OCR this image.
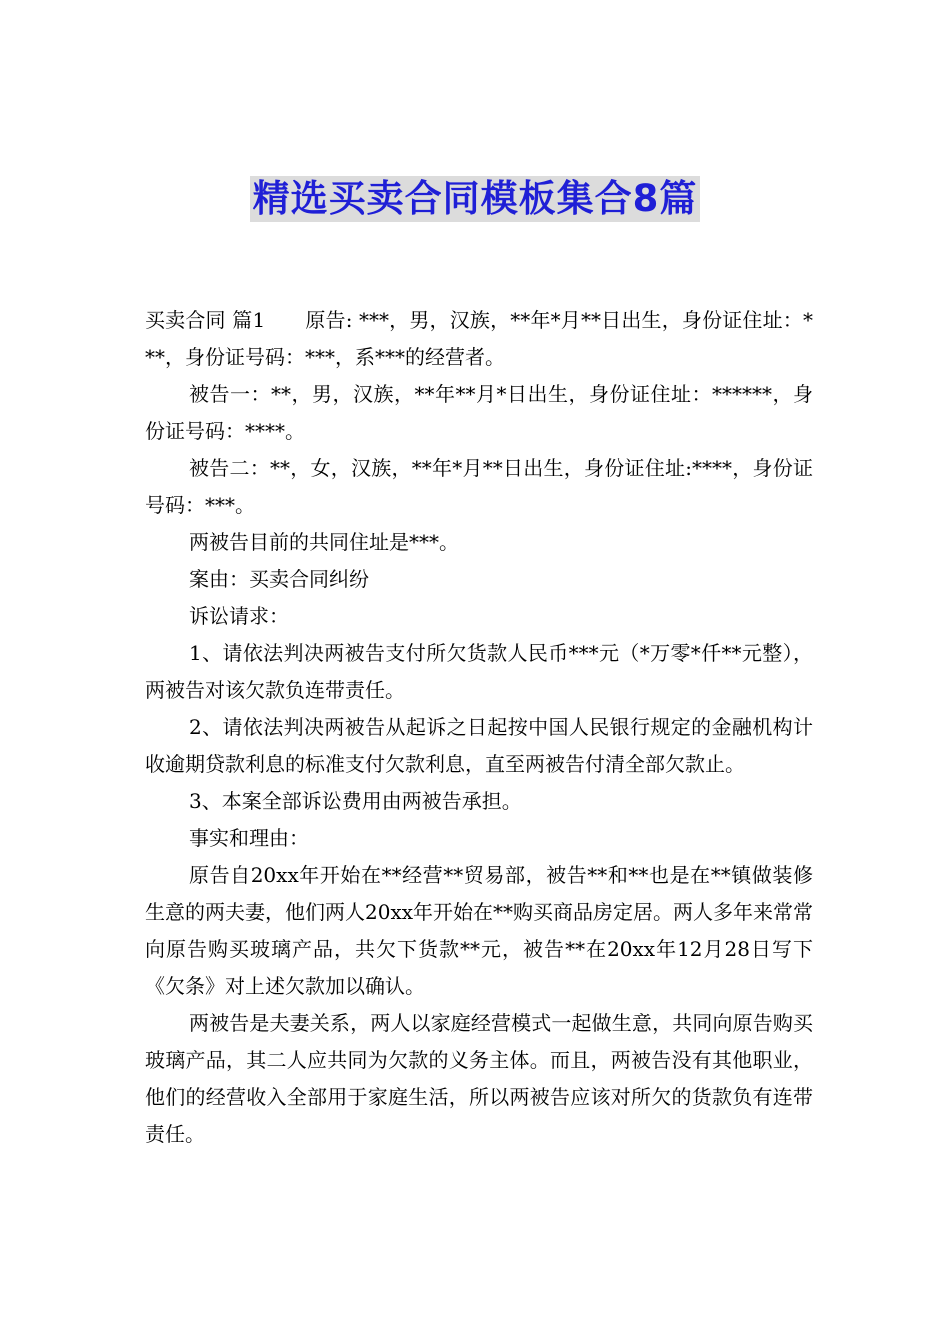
精选买卖合同模板集合8篇

买卖合同 篇1 原告: ***，男，汉族，**年*月**日出生，身份证住址：***，身份证号码：***，系***的经营者。

被告一：**，男，汉族，**年**月*日出生，身份证住址：******，身份证号码：****。

被告二：**，女，汉族，**年*月**日出生，身份证住址:****，身份证号码：***。

两被告目前的共同住址是***。

案由：买卖合同纠纷

诉讼请求：

1、请依法判决两被告支付所欠货款人民币***元（*万零*仟**元整），两被告对该欠款负连带责任。

2、请依法判决两被告从起诉之日起按中国人民银行规定的金融机构计收逾期贷款利息的标准支付欠款利息，直至两被告付清全部欠款止。

3、本案全部诉讼费用由两被告承担。

事实和理由：

原告自20xx年开始在**经营**贸易部，被告**和**也是在**镇做装修生意的两夫妻，他们两人20xx年开始在**购买商品房定居。两人多年来常常向原告购买玻璃产品，共欠下货款**元，被告**在20xx年12月28日写下《欠条》对上述欠款加以确认。

两被告是夫妻关系，两人以家庭经营模式一起做生意，共同向原告购买玻璃产品，其二人应共同为欠款的义务主体。而且，两被告没有其他职业，他们的经营收入全部用于家庭生活，所以两被告应该对所欠的货款负有连带责任。
